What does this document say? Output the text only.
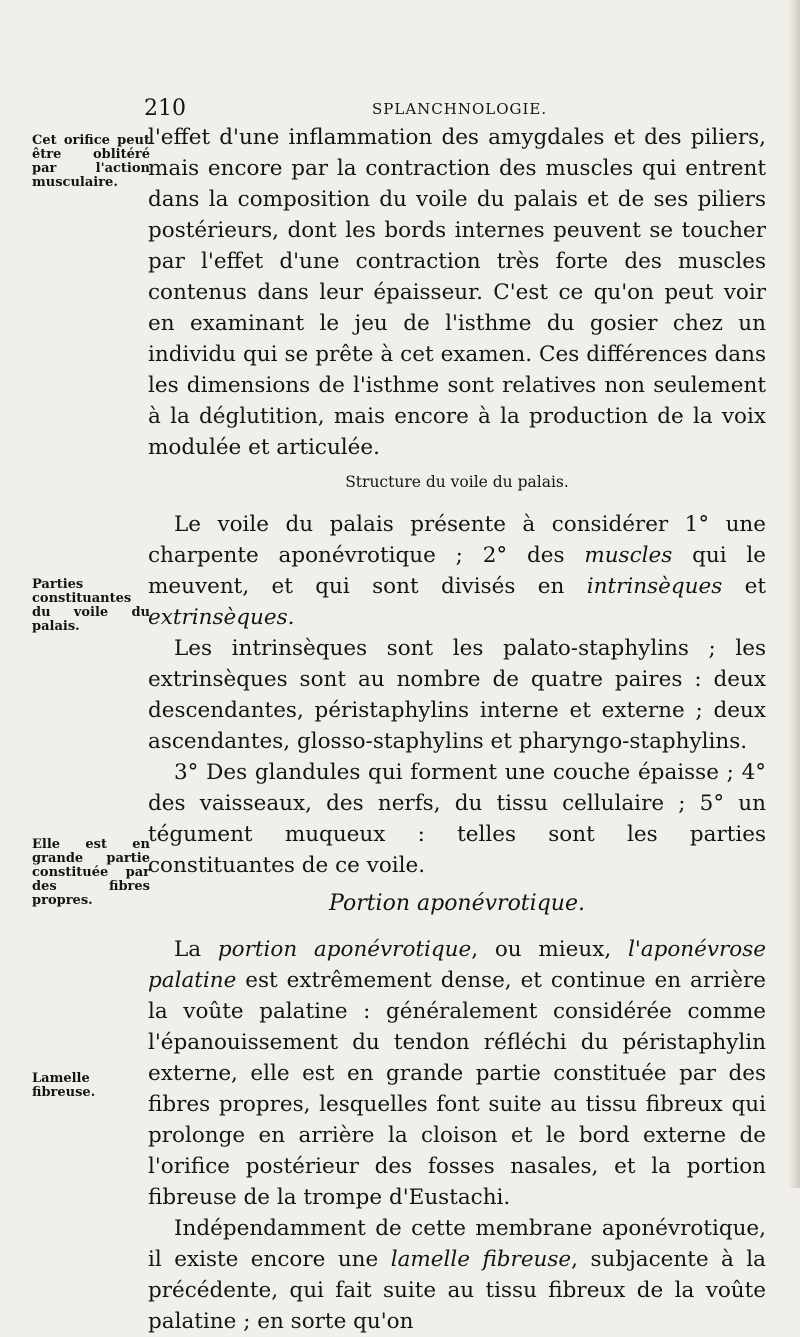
210	SPLANCHNOLOGIE.
Cet orifice peut être oblitéré par l'action musculaire.
Parties constituantes du voile du palais.
Elle est en grande partie constituée par des fibres propres.
Lamelle fibreuse.

l'effet d'une inflammation des amygdales et des piliers, mais encore par la contraction des muscles qui entrent dans la composition du voile du palais et de ses piliers postérieurs, dont les bords internes peuvent se toucher par l'effet d'une contraction très forte des muscles contenus dans leur épaisseur. C'est ce qu'on peut voir en examinant le jeu de l'isthme du gosier chez un individu qui se prête à cet examen. Ces différences dans les dimensions de l'isthme sont relatives non seulement à la déglutition, mais encore à la production de la voix modulée et articulée.

Structure du voile du palais.

Le voile du palais présente à considérer 1° une charpente aponévrotique ; 2° des muscles qui le meuvent, et qui sont divisés en intrinsèques et extrinsèques.

Les intrinsèques sont les palato-staphylins ; les extrinsèques sont au nombre de quatre paires : deux descendantes, péristaphylins interne et externe ; deux ascendantes, glosso-staphylins et pharyngo-staphylins.

3° Des glandules qui forment une couche épaisse ; 4° des vaisseaux, des nerfs, du tissu cellulaire ; 5° un tégument muqueux : telles sont les parties constituantes de ce voile.

Portion aponévrotique.

La portion aponévrotique, ou mieux, l'aponévrose palatine est extrêmement dense, et continue en arrière la voûte palatine : généralement considérée comme l'épanouissement du tendon réfléchi du péristaphylin externe, elle est en grande partie constituée par des fibres propres, lesquelles font suite au tissu fibreux qui prolonge en arrière la cloison et le bord externe de l'orifice postérieur des fosses nasales, et la portion fibreuse de la trompe d'Eustachi.

Indépendamment de cette membrane aponévrotique, il existe encore une lamelle fibreuse, subjacente à la précédente, qui fait suite au tissu fibreux de la voûte palatine ; en sorte qu'on
